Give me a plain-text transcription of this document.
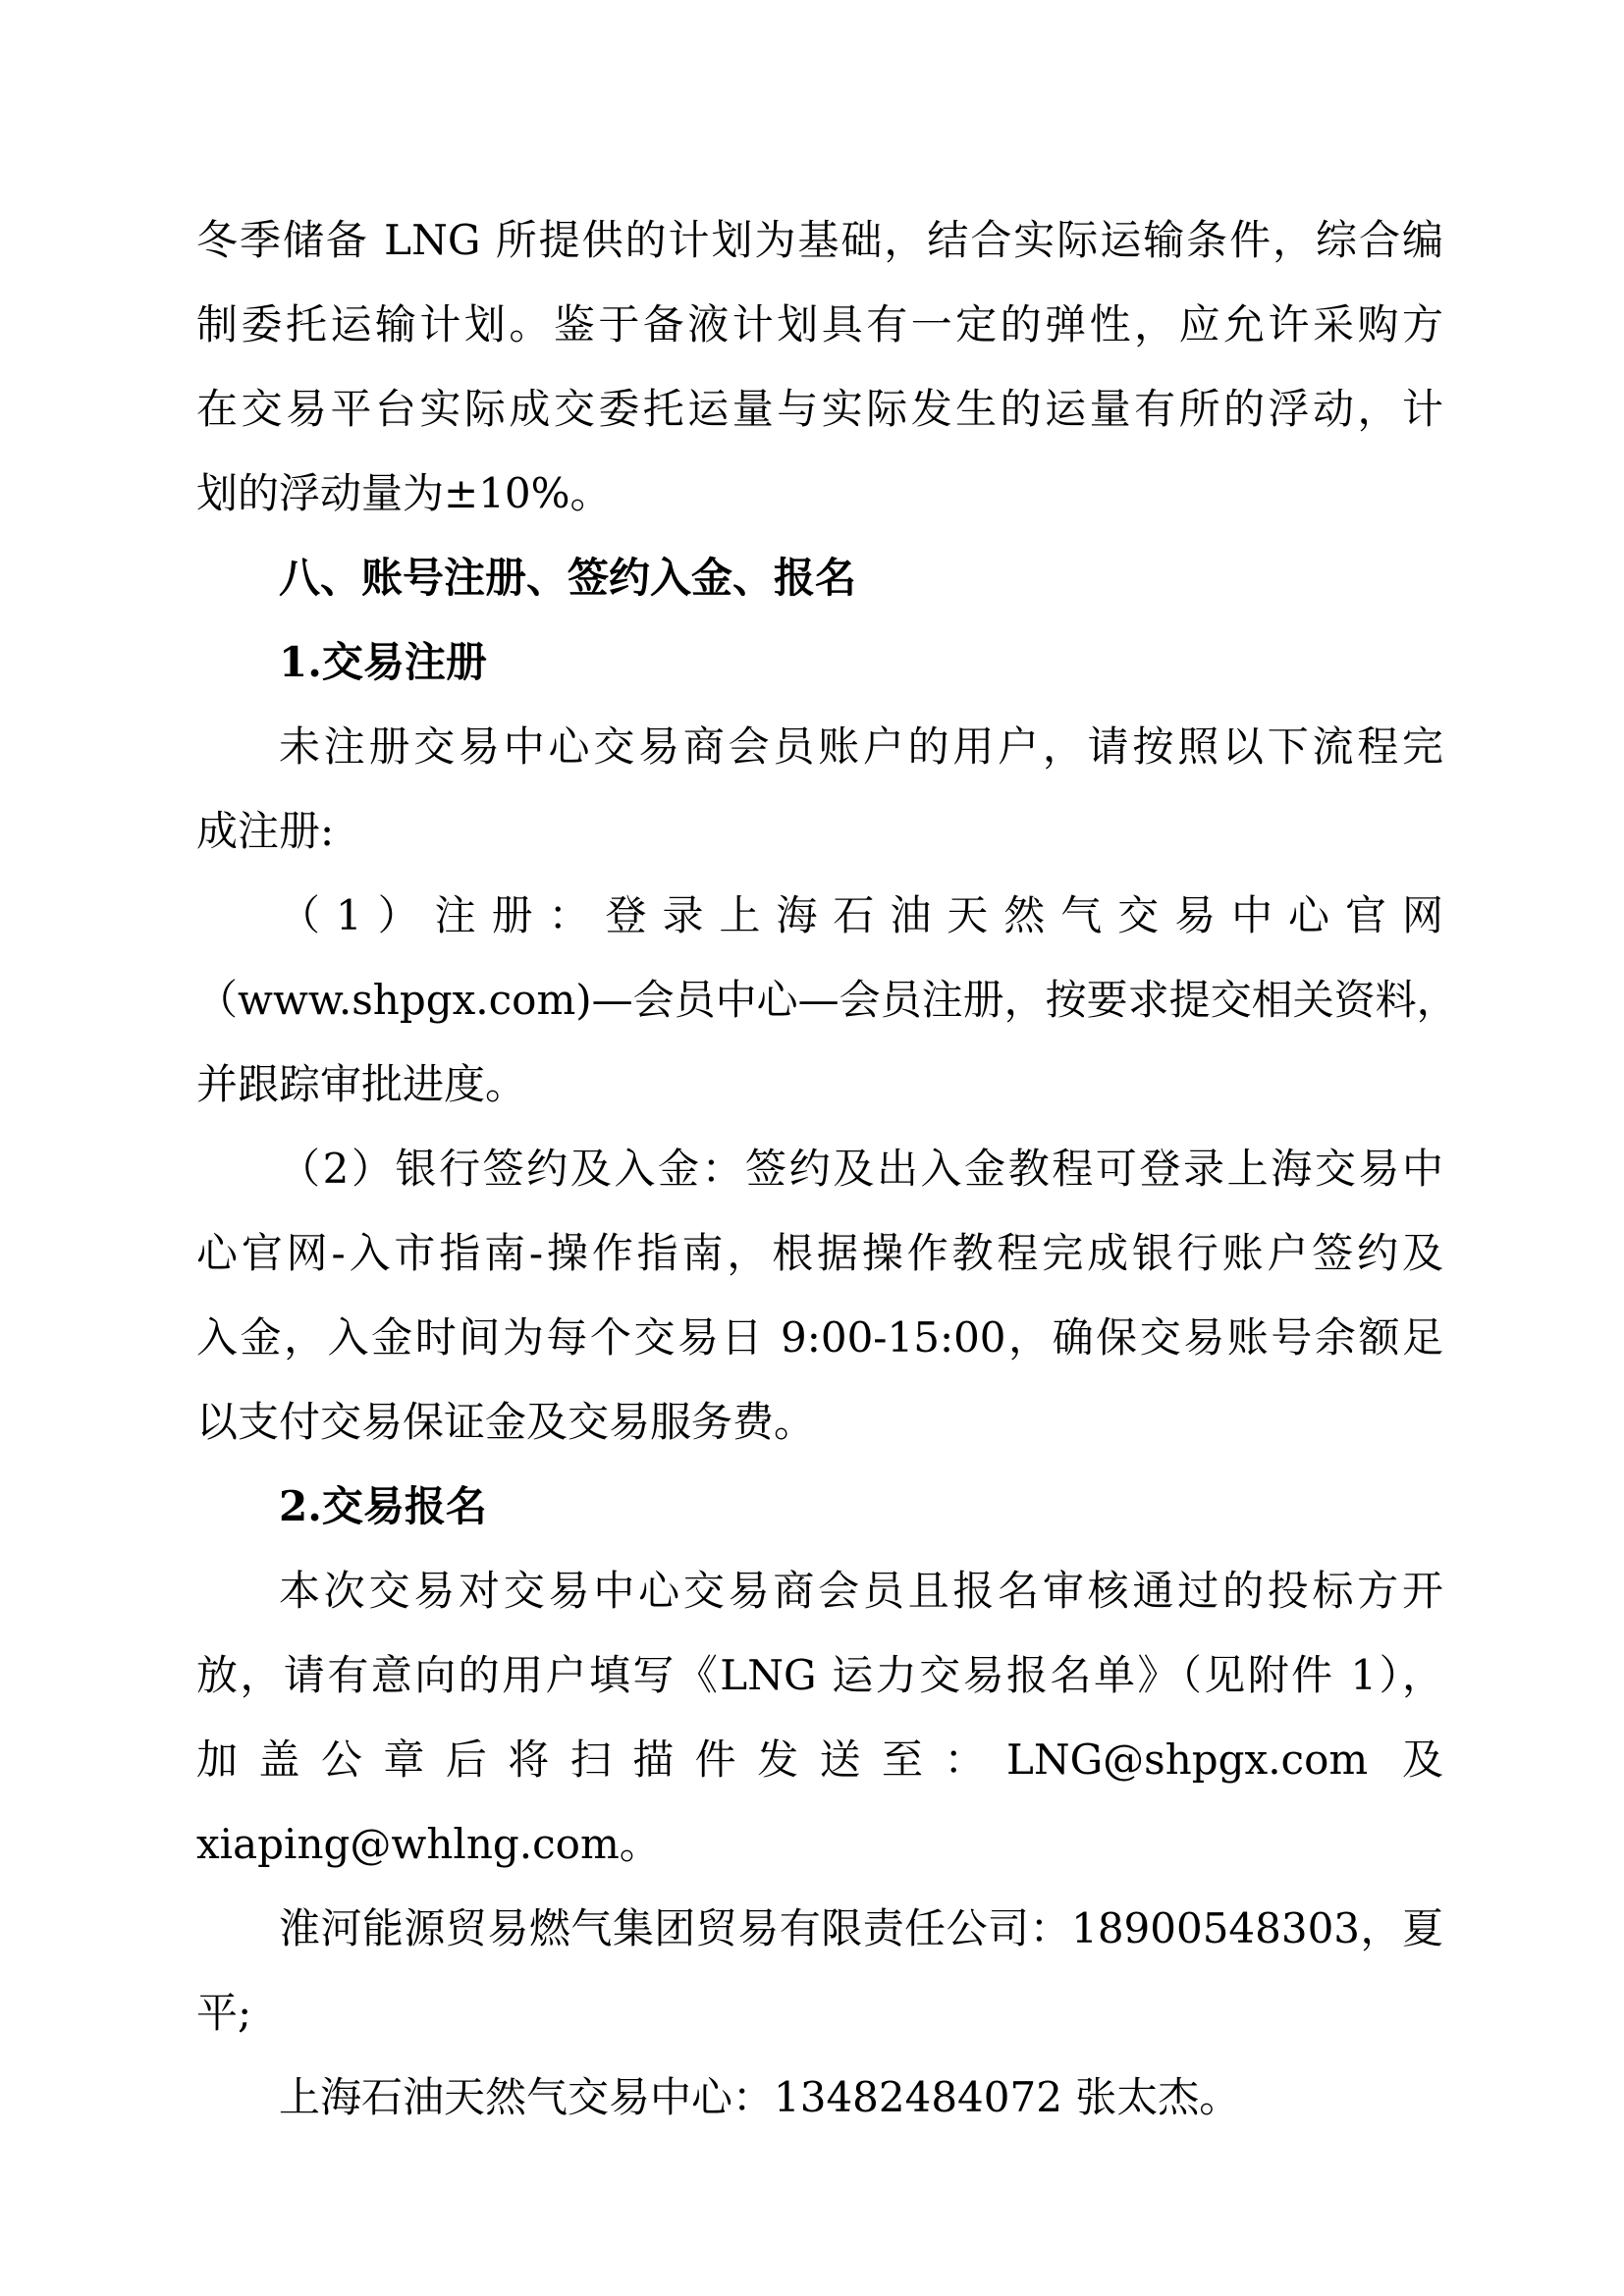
冬季储备 LNG 所提供的计划为基础，结合实际运输条件，综合编
制委托运输计划。鉴于备液计划具有一定的弹性，应允许采购方
在交易平台实际成交委托运量与实际发生的运量有所的浮动，计
划的浮动量为±10%。
八、账号注册、签约入金、报名
1.交易注册
未注册交易中心交易商会员账户的用户，请按照以下流程完
成注册:
（1）注册：登录上海石油天然气交易中心官网
（www.shpgx.com)—会员中心—会员注册，按要求提交相关资料，
并跟踪审批进度。
（2）银行签约及入金：签约及出入金教程可登录上海交易中
心官网-入市指南-操作指南，根据操作教程完成银行账户签约及
入金，入金时间为每个交易日 9:00-15:00，确保交易账号余额足
以支付交易保证金及交易服务费。
2.交易报名
本次交易对交易中心交易商会员且报名审核通过的投标方开
放，请有意向的用户填写《LNG 运力交易报名单》（见附件 1），
加盖公章后将扫描件发送至：LNG@shpgx.com 及
xiaping@whlng.com。
淮河能源贸易燃气集团贸易有限责任公司：18900548303，夏
平;
上海石油天然气交易中心：13482484072 张太杰。
